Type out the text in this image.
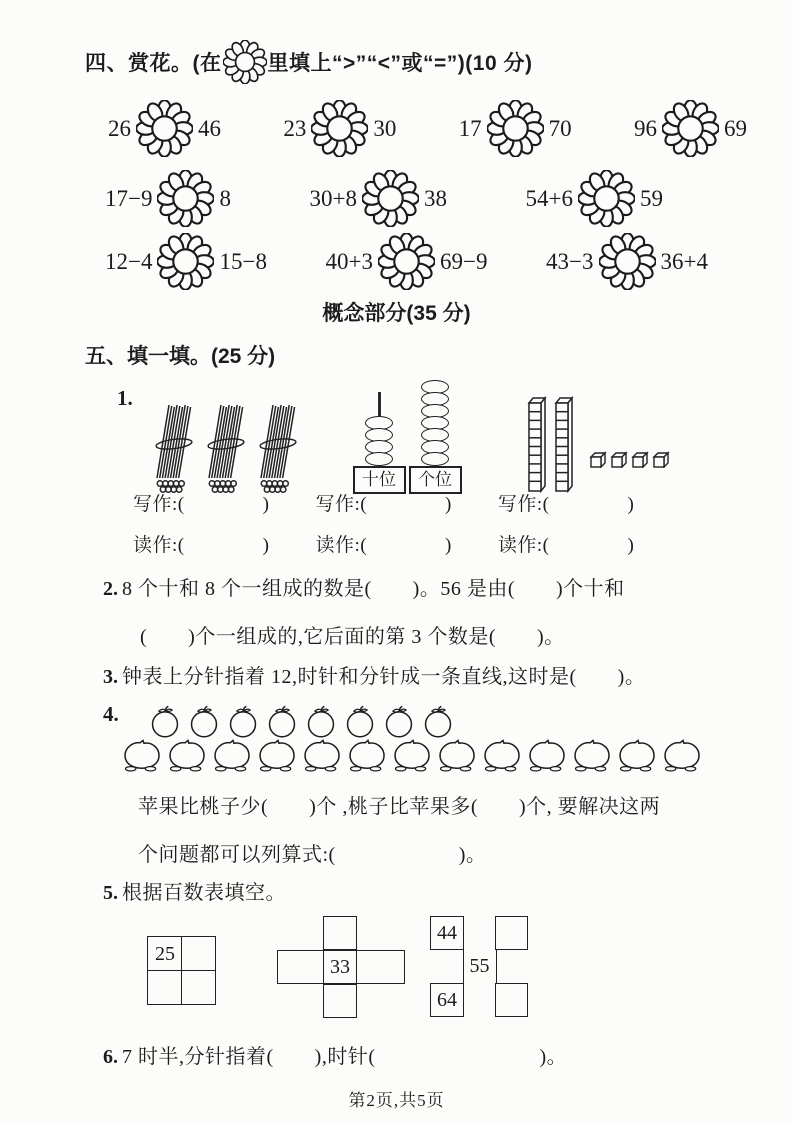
四、赏花。(在 里填上“>”“<”或“=”)(10 分)
26	46	23	30	17	70	96	69
17−9	8	30+8	38	54+6	59
12−4	15−8	40+3	69−9	43−3	36+4
概念部分(35 分)
五、填一填。(25 分)
1.
十位	个位
写作:(　　　　) 写作:(　　　　) 写作:(　　　　)
读作:(　　　　) 读作:(　　　　) 读作:(　　　　)
2. 8 个十和 8 个一组成的数是(　　)。56 是由(　　)个十和
(　　)个一组成的,它后面的第 3 个数是(　　)。
3. 钟表上分针指着 12,时针和分针成一条直线,这时是(　　)。
4.
苹果比桃子少(　　)个 ,桃子比苹果多(　　)个, 要解决这两
个问题都可以列算式:(　　　　　　)。
5. 根据百数表填空。
25
33
44
55
64
6. 7 时半,分针指着(　　),时针(　　　　　　　　)。
第2页,共5页
